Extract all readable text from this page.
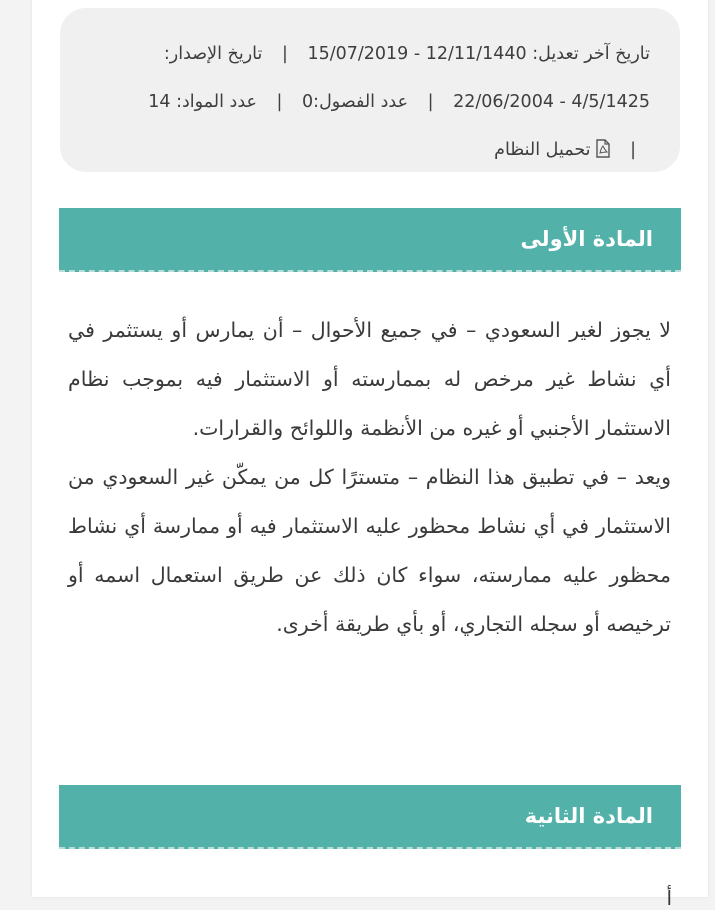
تاريخ آخر تعديل: 15/07/2019 - 12/11/1440 | تاريخ الإصدار:
22/06/2004 - 4/5/1425 | عدد الفصول:0 | عدد المواد: 14
| تحميل النظام
المادة الأولى

لا يجوز لغير السعودي – في جميع الأحوال – أن يمارس أو يستثمر في أي نشاط غير مرخص له بممارسته أو الاستثمار فيه بموجب نظام الاستثمار الأجنبي أو غيره من الأنظمة واللوائح والقرارات.

ويعد – في تطبيق هذا النظام – متسترًا كل من يمكّن غير السعودي من الاستثمار في أي نشاط محظور عليه الاستثمار فيه أو ممارسة أي نشاط محظور عليه ممارسته، سواء كان ذلك عن طريق استعمال اسمه أو ترخيصه أو سجله التجاري، أو بأي طريقة أخرى.

المادة الثانية
أ
